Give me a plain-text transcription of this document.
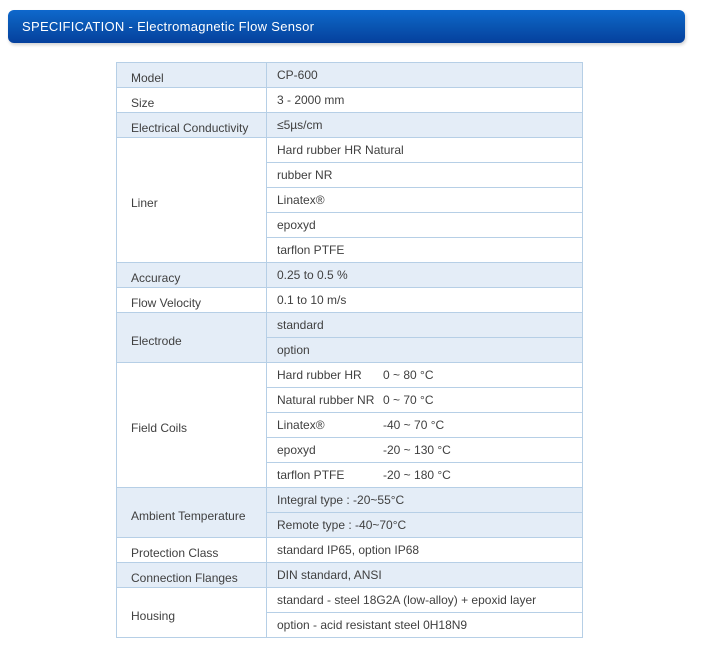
SPECIFICATION - Electromagnetic Flow Sensor
Model	CP-600
Size	3 - 2000 mm
Electrical Conductivity	≤5µs/cm
Liner	Hard rubber HR Natural
	rubber NR
	Linatex®
	epoxyd
	tarflon PTFE
Accuracy	0.25 to 0.5 %
Flow Velocity	0.1 to 10 m/s
Electrode	standard
	option
Field Coils	Hard rubber HR 0 ~ 80 °C
	Natural rubber NR 0 ~ 70 °C
	Linatex® -40 ~ 70 °C
	epoxyd -20 ~ 130 °C
	tarflon PTFE -20 ~ 180 °C
Ambient Temperature	Integral type : -20~55°C
	Remote type : -40~70°C
Protection Class	standard IP65, option IP68
Connection Flanges	DIN standard, ANSI
Housing	standard - steel 18G2A (low-alloy) + epoxid layer
	option - acid resistant steel 0H18N9
